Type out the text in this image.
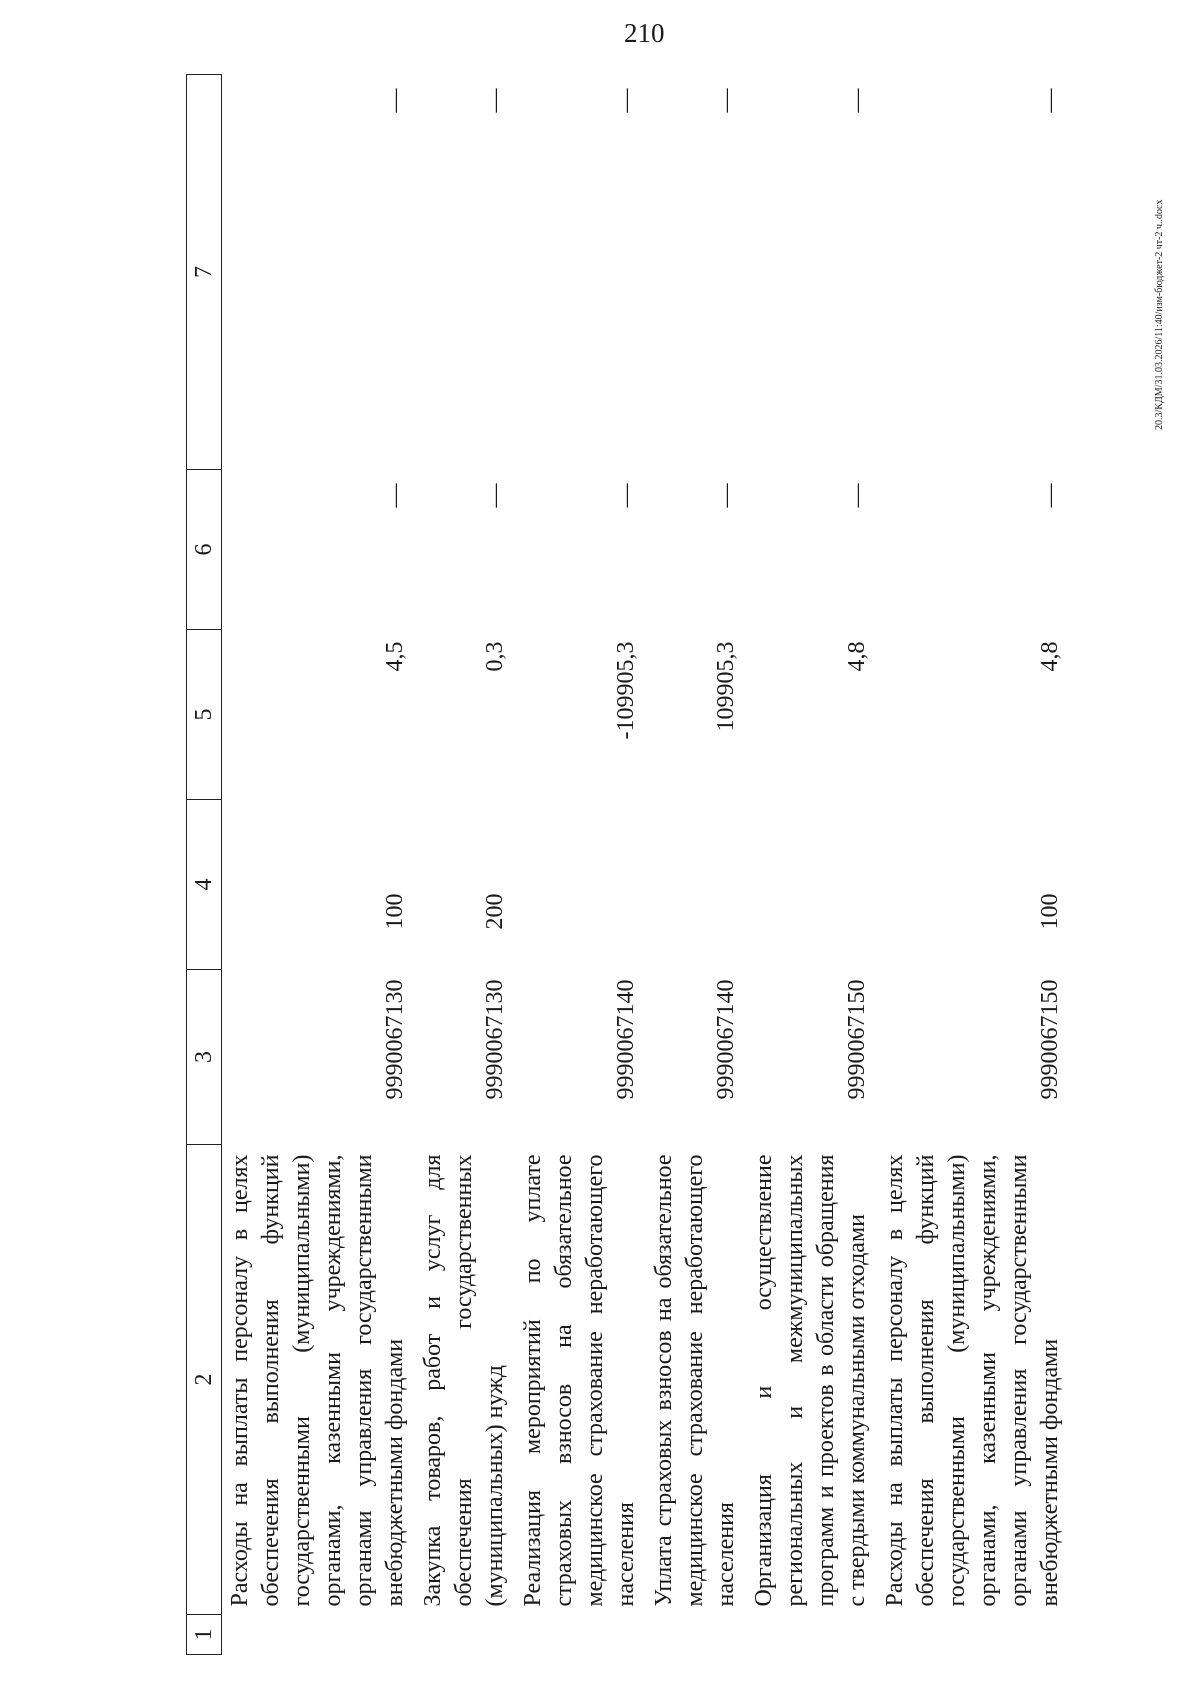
210
20.3/КДМ/31.03.2026/11:40/изм-бюджет-2 чт-2 ч..docx
1	2	3	4	5	6	7
	Расходы на выплаты персоналу в целях обеспечения выполнения функций государственными (муниципальными) органами, казенными учреждениями, органами управления государственными внебюджетными фондами	9990067130	100	4,5	—	—
	Закупка товаров, работ и услуг для обеспечения государственных (муниципальных) нужд	9990067130	200	0,3	—	—
	Реализация мероприятий по уплате страховых взносов на обязательное медицинское страхование неработающего населения	9990067140		-109905,3	—	—
	Уплата страховых взносов на обязательное медицинское страхование неработающего населения	9990067140		109905,3	—	—
	Организация и осуществление региональных и межмуниципальных программ и проектов в области обращения с твердыми коммунальными отходами	9990067150		4,8	—	—
	Расходы на выплаты персоналу в целях обеспечения выполнения функций государственными (муниципальными) органами, казенными учреждениями, органами управления государственными внебюджетными фондами	9990067150	100	4,8	—	—
